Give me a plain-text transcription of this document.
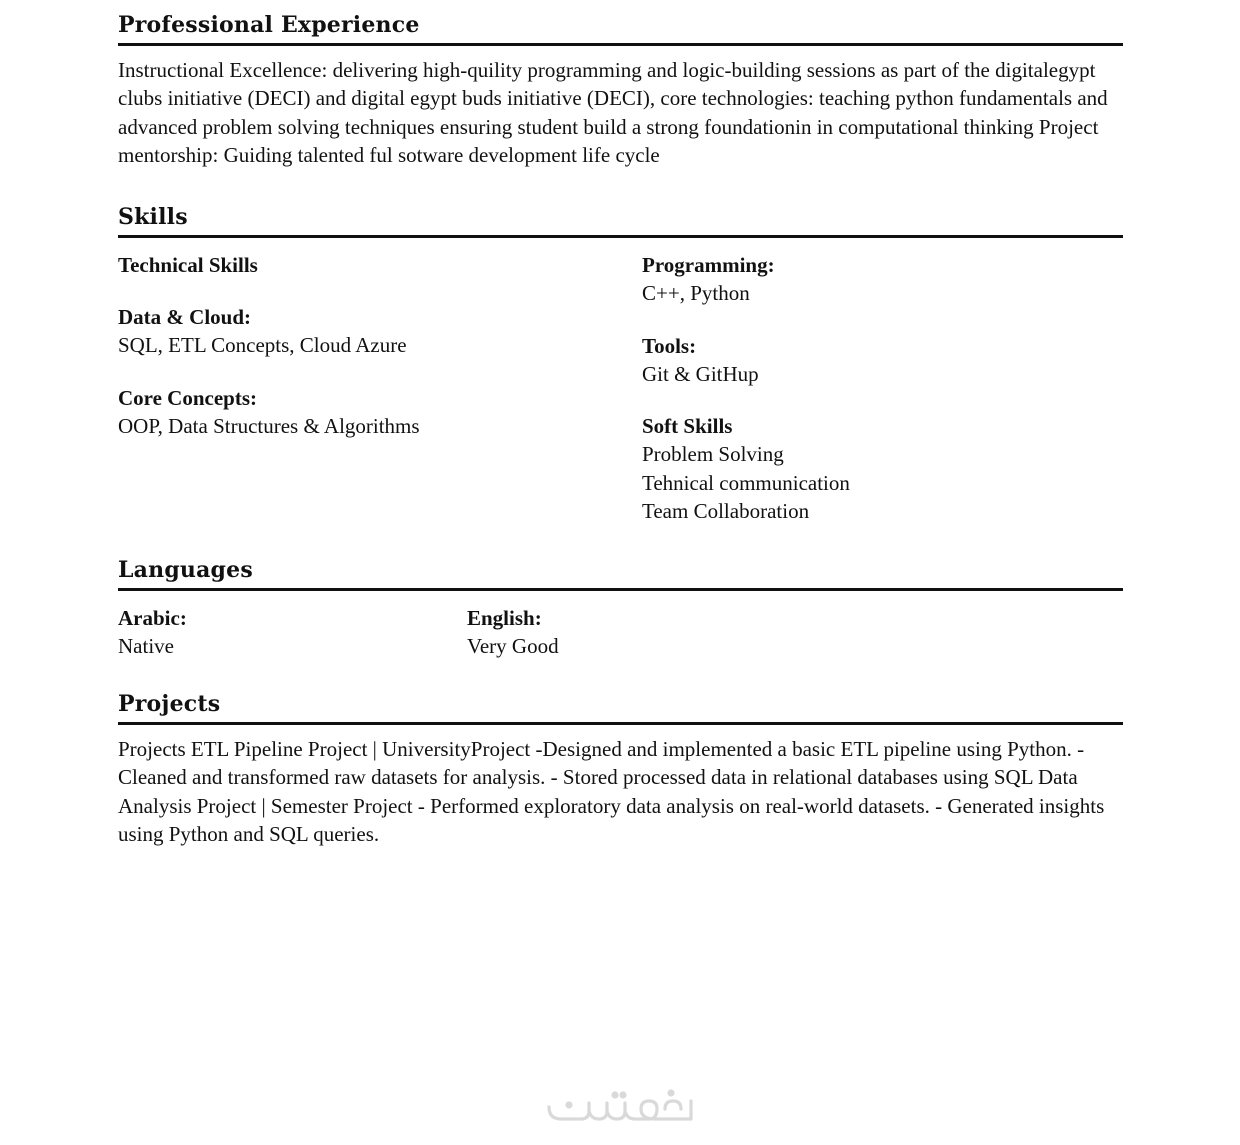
Professional Experience

Instructional Excellence: delivering high-quility programming and logic-building sessions as part of the digitalegypt clubs initiative (DECI) and digital egypt buds initiative (DECI), core technologies: teaching python fundamentals and advanced problem solving techniques ensuring student build a strong foundationin in computational thinking Project mentorship: Guiding talented ful sotware development life cycle

Skills

Technical Skills

Data & Cloud:

SQL, ETL Concepts, Cloud Azure

Core Concepts:

OOP, Data Structures & Algorithms

Programming:

C++, Python

Tools:

Git & GitHup

Soft Skills

Problem Solving

Tehnical communication

Team Collaboration

Languages

Arabic:

Native

English:

Very Good

Projects

Projects ETL Pipeline Project | UniversityProject -Designed and implemented a basic ETL pipeline using Python. - Cleaned and transformed raw datasets for analysis. - Stored processed data in relational databases using SQL Data Analysis Project | Semester Project - Performed exploratory data analysis on real-world datasets. - Generated insights using Python and SQL queries.
